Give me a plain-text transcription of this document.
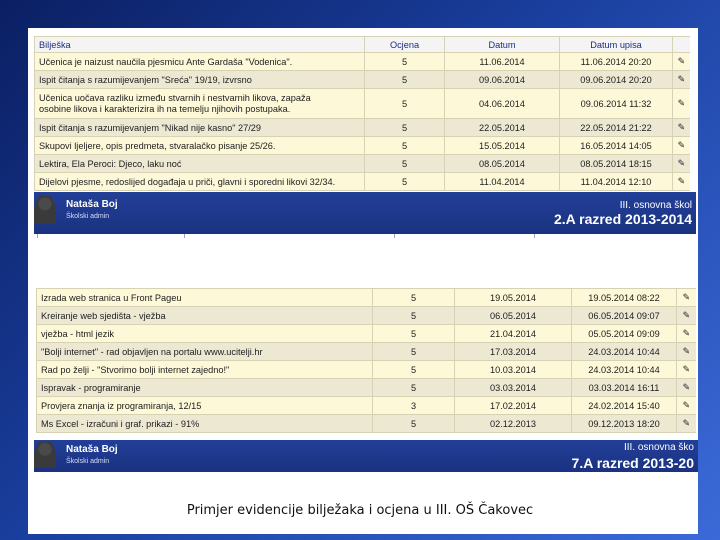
Bilješka	Ocjena	Datum	Datum upisa	
Učenica je naizust naučila pjesmicu Ante Gardaša "Vodenica".	5	11.06.2014	11.06.2014 20:20	✎
Ispit čitanja s razumijevanjem "Sreća" 19/19, izvrsno	5	09.06.2014	09.06.2014 20:20	✎
Učenica uočava razliku između stvarnih i nestvarnih likova, zapaža
osobine likova i karakterizira ih na temelju njihovih postupaka.	5	04.06.2014	09.06.2014 11:32	✎
Ispit čitanja s razumijevanjem "Nikad nije kasno" 27/29	5	22.05.2014	22.05.2014 21:22	✎
Skupovi ljeljere, opis predmeta, stvaralačko pisanje 25/26.	5	15.05.2014	16.05.2014 14:05	✎
Lektira, Ela Peroci: Djeco, laku noć	5	08.05.2014	08.05.2014 18:15	✎
Dijelovi pjesme, redoslijed događaja u priči, glavni i sporedni likovi 32/34.	5	11.04.2014	11.04.2014 12:10	✎
Nataša Boj
Školski admin
III. osnovna škol
2.A razred 2013-2014
Izrada web stranica u Front Pageu	5	19.05.2014	19.05.2014 08:22	✎
Kreiranje web sjedišta - vježba	5	06.05.2014	06.05.2014 09:07	✎
vježba - html jezik	5	21.04.2014	05.05.2014 09:09	✎
"Bolji internet" - rad objavljen na portalu www.ucitelji.hr	5	17.03.2014	24.03.2014 10:44	✎
Rad po želji - "Stvorimo bolji internet zajedno!"	5	10.03.2014	24.03.2014 10:44	✎
Ispravak - programiranje	5	03.03.2014	03.03.2014 16:11	✎
Provjera znanja iz programiranja, 12/15	3	17.02.2014	24.02.2014 15:40	✎
Ms Excel - izračuni i graf. prikazi - 91%	5	02.12.2013	09.12.2013 18:20	✎
Nataša Boj
Školski admin
III. osnovna ško
7.A razred 2013-20
Primjer evidencije bilježaka i ocjena u III. OŠ Čakovec
